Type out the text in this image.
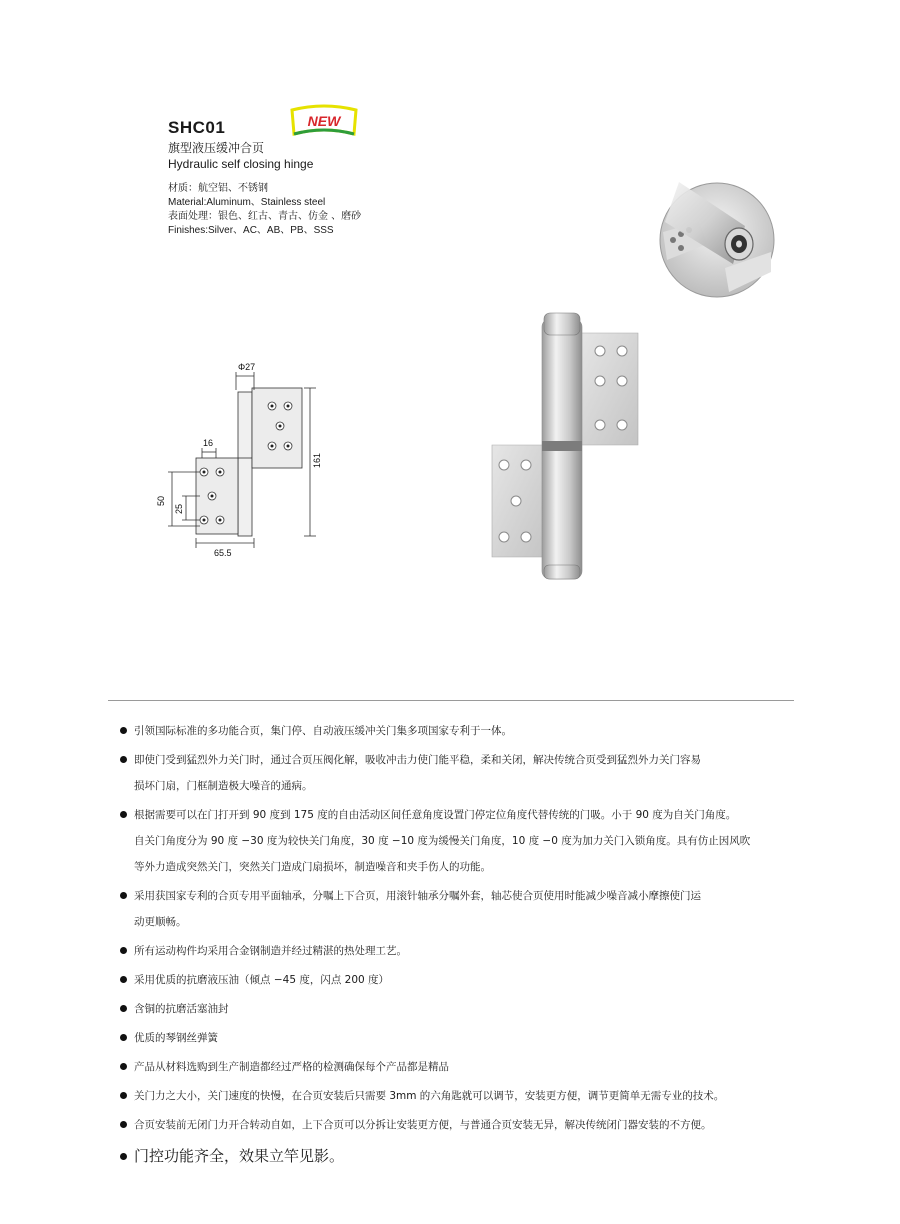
SHC01
旗型液压缓冲合页
Hydraulic self closing hinge
NEW
材质：航空铝、不锈钢
Material:Aluminum、Stainless steel
表面处理：银色、红古、青古、仿金 、磨砂
Finishes:Silver、AC、AB、PB、SSS
Φ27
161
65.5
16
50
25
引领国际标准的多功能合页，集门停、自动液压缓冲关门集多项国家专利于一体。
即使门受到猛烈外力关门时，通过合页压阀化解，吸收冲击力使门能平稳，柔和关闭，解决传统合页受到猛烈外力关门容易
损坏门扇，门框制造极大噪音的通病。
根据需要可以在门打开到 90 度到 175 度的自由活动区间任意角度设置门停定位角度代替传统的门吸。小于 90 度为自关门角度。
自关门角度分为 90 度 −30 度为较快关门角度，30 度 −10 度为缓慢关门角度，10 度 −0 度为加力关门入锁角度。具有仿止因风吹
等外力造成突然关门，突然关门造成门扇损坏，制造噪音和夹手伤人的功能。
采用获国家专利的合页专用平面轴承，分嘱上下合页，用滚针轴承分嘱外套，轴芯使合页使用时能减少噪音减小摩擦使门运
动更顺畅。
所有运动构件均采用合金钢制造并经过精湛的热处理工艺。
采用优质的抗磨液压油（倾点 −45 度，闪点 200 度）
含铜的抗磨活塞油封
优质的琴钢丝弹簧
产品从材料选购到生产制造都经过严格的检测确保每个产品都是精品
关门力之大小，关门速度的快慢，在合页安装后只需要 3mm 的六角匙就可以调节，安装更方便，调节更简单无需专业的技术。
合页安装前无闭门力开合转动自如，上下合页可以分拆让安装更方便，与普通合页安装无异，解决传统闭门器安装的不方便。
门控功能齐全，效果立竿见影。
